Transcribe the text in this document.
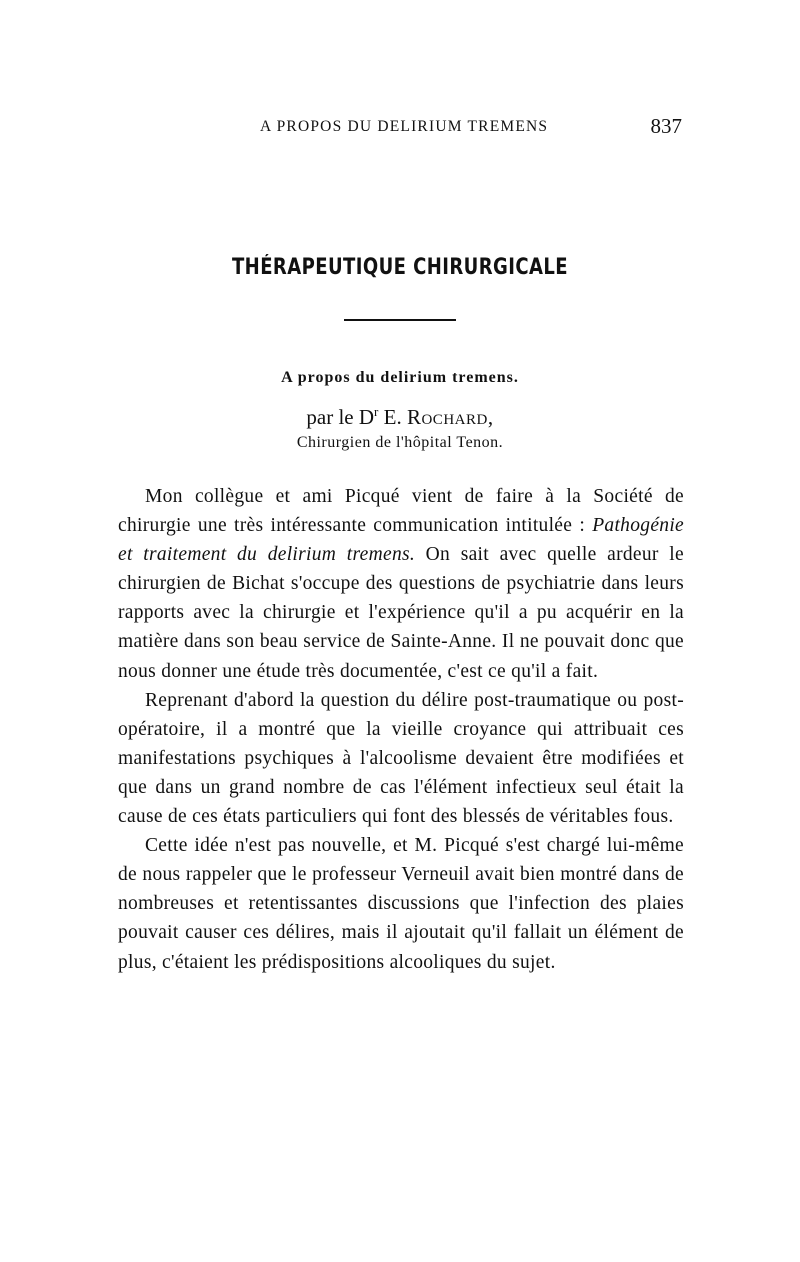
A PROPOS DU DELIRIUM TREMENS	837
THÉRAPEUTIQUE CHIRURGICALE
A propos du delirium tremens.
par le $D^r$ E. Rochard,
Chirurgien de l'hôpital Tenon.

Mon collègue et ami Picqué vient de faire à la Société de chirurgie une très intéressante communication intitulée : Pathogénie et traitement du delirium tremens. On sait avec quelle ardeur le chirurgien de Bichat s'occupe des questions de psychiatrie dans leurs rapports avec la chirurgie et l'expérience qu'il a pu acquérir en la matière dans son beau service de Sainte-Anne. Il ne pouvait donc que nous donner une étude très documentée, c'est ce qu'il a fait.

Reprenant d'abord la question du délire post-traumatique ou post-opératoire, il a montré que la vieille croyance qui attribuait ces manifestations psychiques à l'alcoolisme devaient être modifiées et que dans un grand nombre de cas l'élément infectieux seul était la cause de ces états particuliers qui font des blessés de véritables fous.

Cette idée n'est pas nouvelle, et M. Picqué s'est chargé lui-même de nous rappeler que le professeur Verneuil avait bien montré dans de nombreuses et retentissantes discussions que l'infection des plaies pouvait causer ces délires, mais il ajoutait qu'il fallait un élément de plus, c'étaient les prédispositions alcooliques du sujet.
